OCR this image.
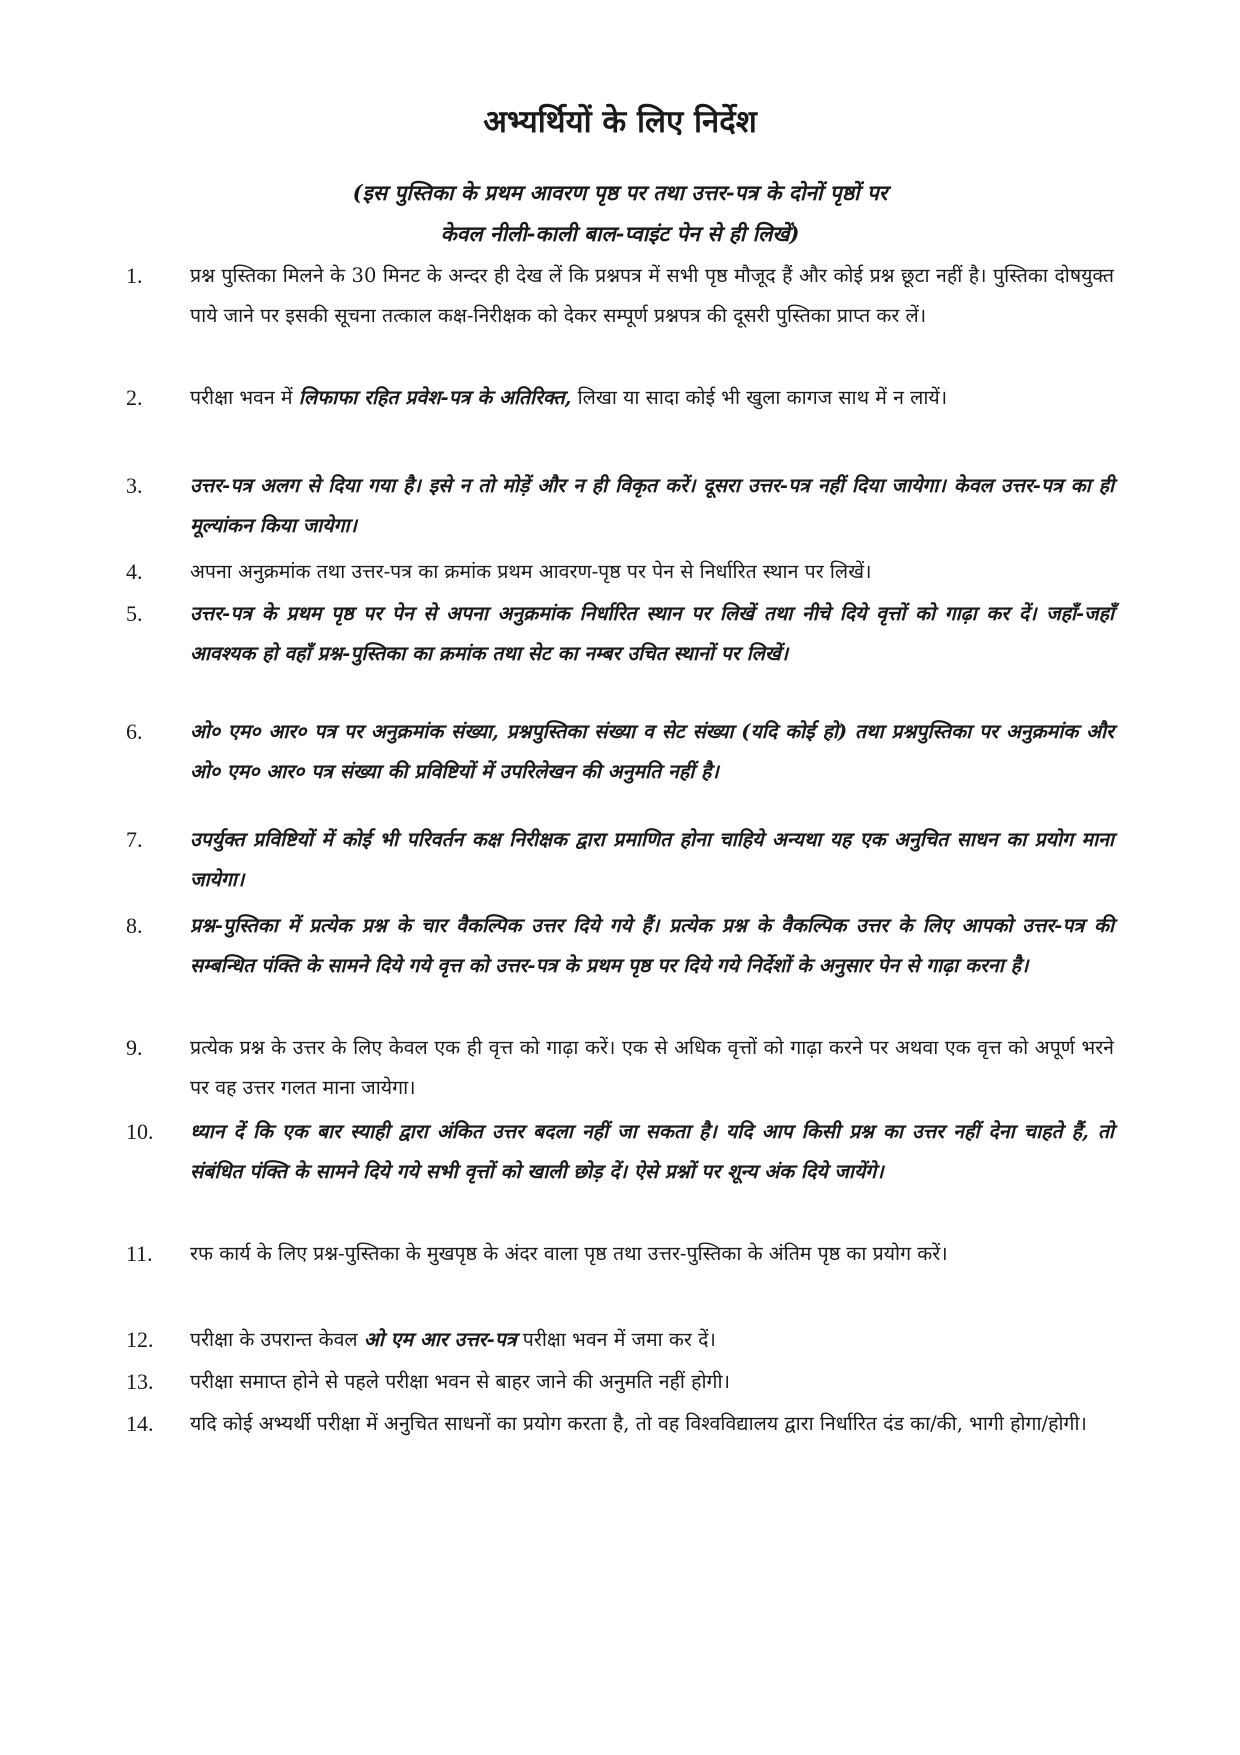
अभ्यर्थियों के लिए निर्देश
(इस पुस्तिका के प्रथम आवरण पृष्ठ पर तथा उत्तर-पत्र के दोनों पृष्ठों पर
केवल नीली-काली बाल-प्वाइंट पेन से ही लिखें)
1. प्रश्न पुस्तिका मिलने के 30 मिनट के अन्दर ही देख लें कि प्रश्नपत्र में सभी पृष्ठ मौजूद हैं और कोई प्रश्न छूटा नहीं है। पुस्तिका दोषयुक्त पाये जाने पर इसकी सूचना तत्काल कक्ष-निरीक्षक को देकर सम्पूर्ण प्रश्नपत्र की दूसरी पुस्तिका प्राप्त कर लें।
2. परीक्षा भवन में लिफाफा रहित प्रवेश-पत्र के अतिरिक्त, लिखा या सादा कोई भी खुला कागज साथ में न लायें।
3. उत्तर-पत्र अलग से दिया गया है। इसे न तो मोड़ें और न ही विकृत करें। दूसरा उत्तर-पत्र नहीं दिया जायेगा। केवल उत्तर-पत्र का ही मूल्यांकन किया जायेगा।
4. अपना अनुक्रमांक तथा उत्तर-पत्र का क्रमांक प्रथम आवरण-पृष्ठ पर पेन से निर्धारित स्थान पर लिखें।
5. उत्तर-पत्र के प्रथम पृष्ठ पर पेन से अपना अनुक्रमांक निर्धारित स्थान पर लिखें तथा नीचे दिये वृत्तों को गाढ़ा कर दें। जहाँ-जहाँ आवश्यक हो वहाँ प्रश्न-पुस्तिका का क्रमांक तथा सेट का नम्बर उचित स्थानों पर लिखें।
6. ओ० एम० आर० पत्र पर अनुक्रमांक संख्या, प्रश्नपुस्तिका संख्या व सेट संख्या (यदि कोई हो) तथा प्रश्नपुस्तिका पर अनुक्रमांक और ओ० एम० आर० पत्र संख्या की प्रविष्टियों में उपरिलेखन की अनुमति नहीं है।
7. उपर्युक्त प्रविष्टियों में कोई भी परिवर्तन कक्ष निरीक्षक द्वारा प्रमाणित होना चाहिये अन्यथा यह एक अनुचित साधन का प्रयोग माना जायेगा।
8. प्रश्न-पुस्तिका में प्रत्येक प्रश्न के चार वैकल्पिक उत्तर दिये गये हैं। प्रत्येक प्रश्न के वैकल्पिक उत्तर के लिए आपको उत्तर-पत्र की सम्बन्धित पंक्ति के सामने दिये गये वृत्त को उत्तर-पत्र के प्रथम पृष्ठ पर दिये गये निर्देशों के अनुसार पेन से गाढ़ा करना है।
9. प्रत्येक प्रश्न के उत्तर के लिए केवल एक ही वृत्त को गाढ़ा करें। एक से अधिक वृत्तों को गाढ़ा करने पर अथवा एक वृत्त को अपूर्ण भरने पर वह उत्तर गलत माना जायेगा।
10. ध्यान दें कि एक बार स्याही द्वारा अंकित उत्तर बदला नहीं जा सकता है। यदि आप किसी प्रश्न का उत्तर नहीं देना चाहते हैं, तो संबंधित पंक्ति के सामने दिये गये सभी वृत्तों को खाली छोड़ दें। ऐसे प्रश्नों पर शून्य अंक दिये जायेंगे।
11. रफ कार्य के लिए प्रश्न-पुस्तिका के मुखपृष्ठ के अंदर वाला पृष्ठ तथा उत्तर-पुस्तिका के अंतिम पृष्ठ का प्रयोग करें।
12. परीक्षा के उपरान्त केवल ओ एम आर उत्तर-पत्र परीक्षा भवन में जमा कर दें।
13. परीक्षा समाप्त होने से पहले परीक्षा भवन से बाहर जाने की अनुमति नहीं होगी।
14. यदि कोई अभ्यर्थी परीक्षा में अनुचित साधनों का प्रयोग करता है, तो वह विश्वविद्यालय द्वारा निर्धारित दंड का/की, भागी होगा/होगी।
